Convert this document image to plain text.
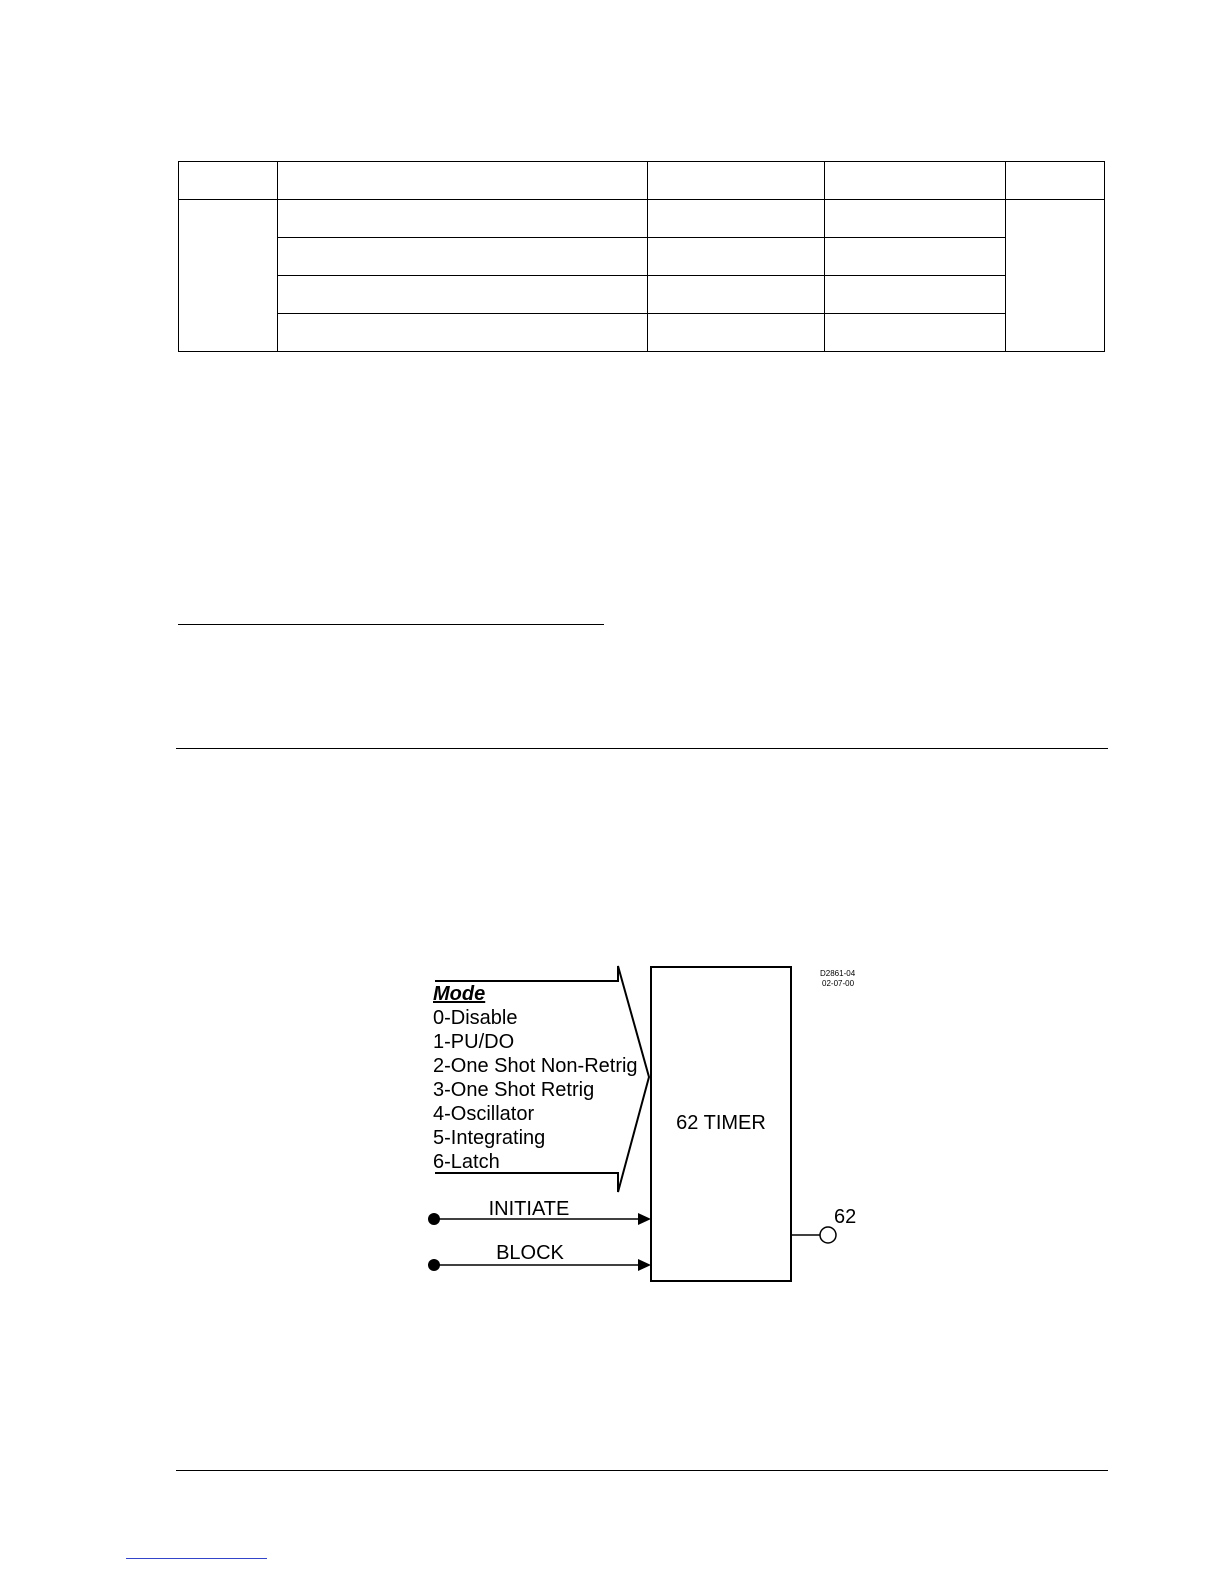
62 TIMER
Mode
0-Disable
1-PU/DO
2-One Shot Non-Retrig
3-One Shot Retrig
4-Oscillator
5-Integrating
6-Latch
INITIATE
BLOCK
62
D2861-04
02-07-00
